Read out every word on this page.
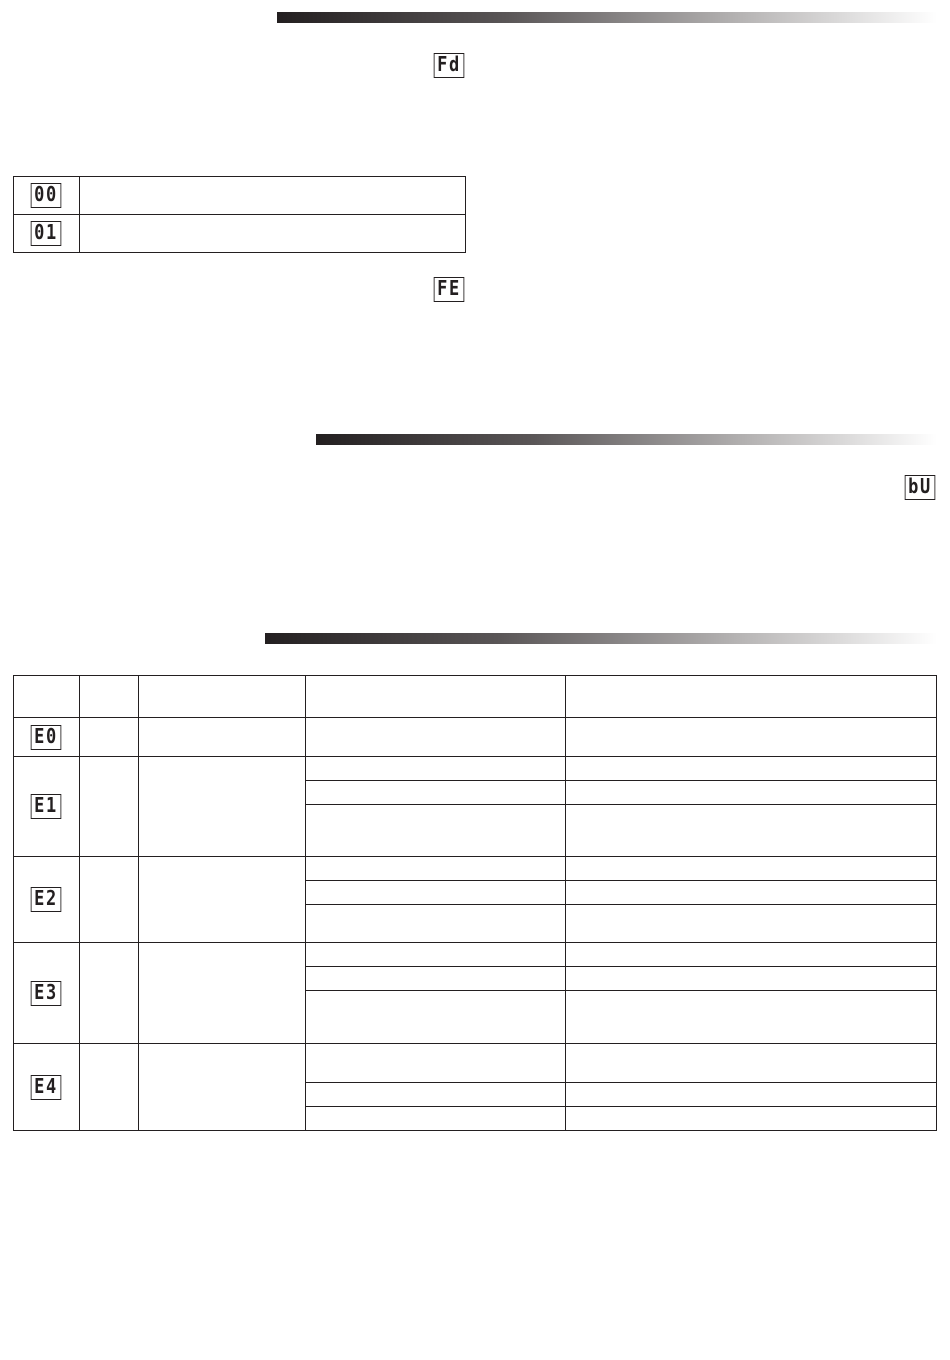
Fd
00	
01	
FE
bU

E0				
E1				

E2				

E3				

E4				
